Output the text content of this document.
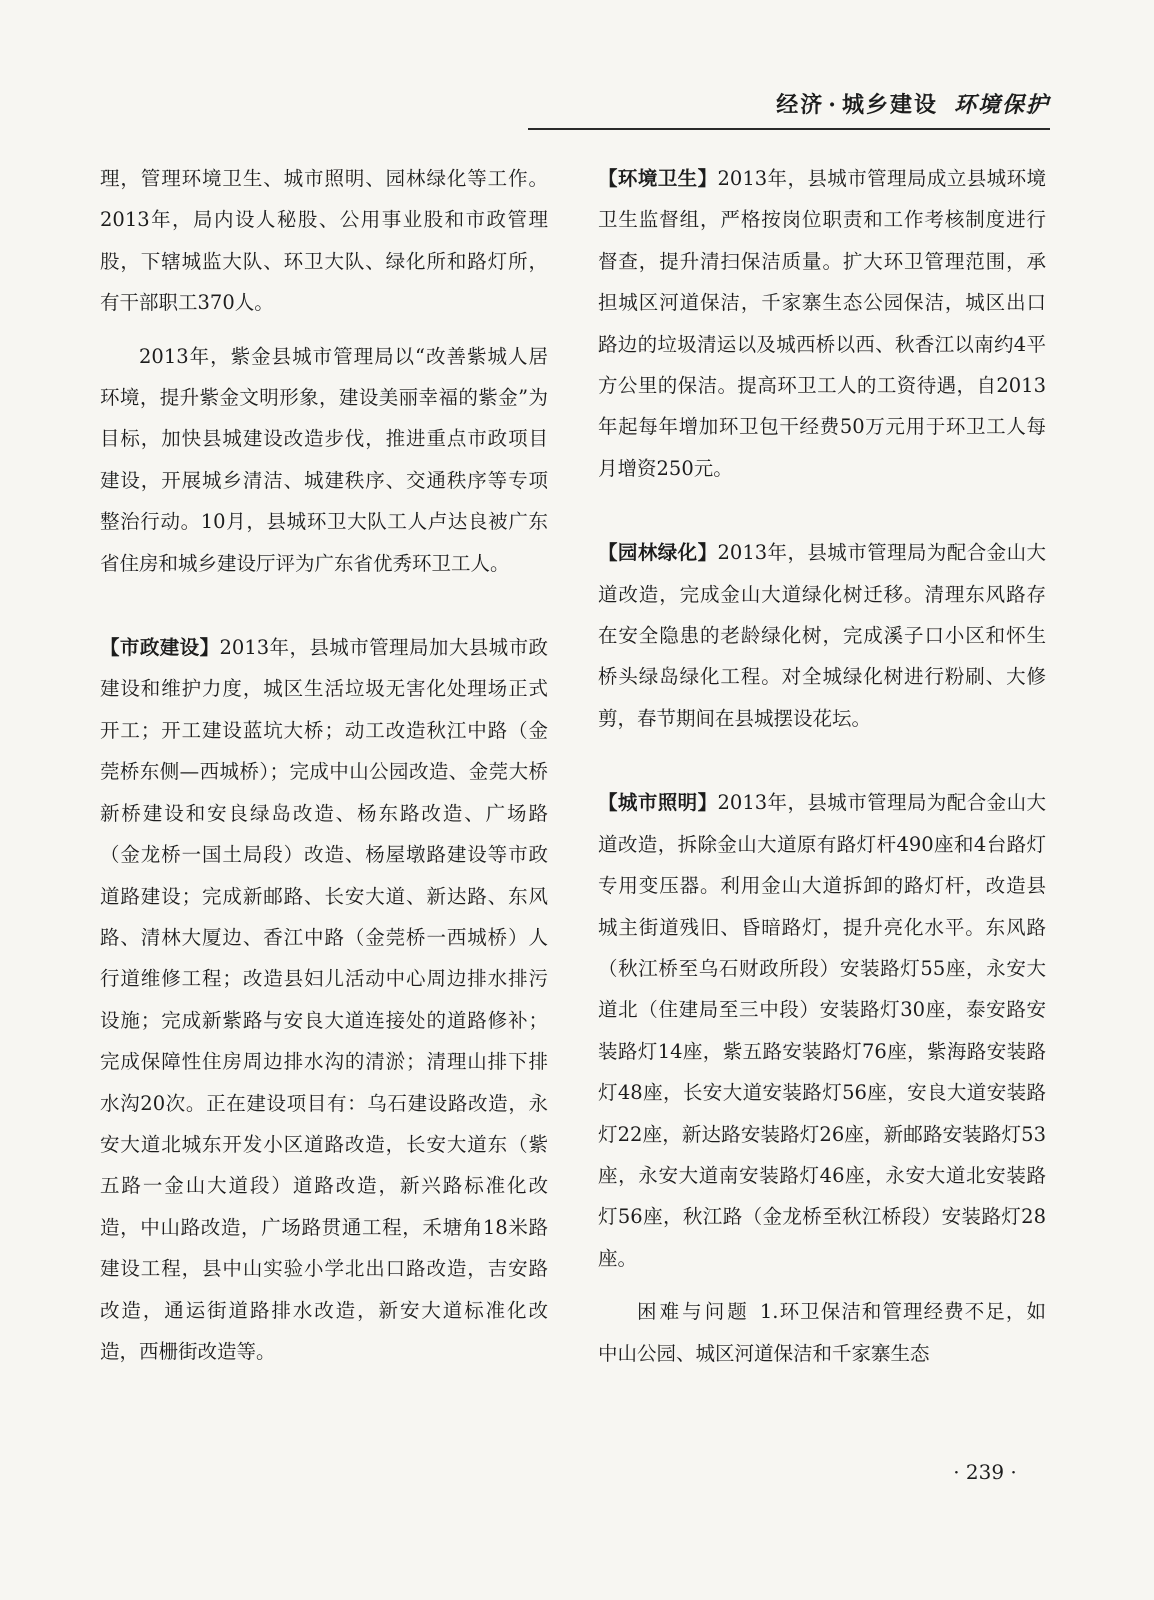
经济 · 城乡建设 环境保护

理，管理环境卫生、城市照明、园林绿化等工作。2013年，局内设人秘股、公用事业股和市政管理股，下辖城监大队、环卫大队、绿化所和路灯所，有干部职工370人。

2013年，紫金县城市管理局以“改善紫城人居环境，提升紫金文明形象，建设美丽幸福的紫金”为目标，加快县城建设改造步伐，推进重点市政项目建设，开展城乡清洁、城建秩序、交通秩序等专项整治行动。10月，县城环卫大队工人卢达良被广东省住房和城乡建设厅评为广东省优秀环卫工人。

【市政建设】2013年，县城市管理局加大县城市政建设和维护力度，城区生活垃圾无害化处理场正式开工；开工建设蓝坑大桥；动工改造秋江中路（金莞桥东侧—西城桥）；完成中山公园改造、金莞大桥新桥建设和安良绿岛改造、杨东路改造、广场路（金龙桥一国土局段）改造、杨屋墩路建设等市政道路建设；完成新邮路、长安大道、新达路、东风路、清林大厦边、香江中路（金莞桥一西城桥）人行道维修工程；改造县妇儿活动中心周边排水排污设施；完成新紫路与安良大道连接处的道路修补；完成保障性住房周边排水沟的清淤；清理山排下排水沟20次。正在建设项目有：乌石建设路改造，永安大道北城东开发小区道路改造，长安大道东（紫五路一金山大道段）道路改造，新兴路标准化改造，中山路改造，广场路贯通工程，禾塘角18米路建设工程，县中山实验小学北出口路改造，吉安路改造，通运街道路排水改造，新安大道标准化改造，西栅街改造等。

【环境卫生】2013年，县城市管理局成立县城环境卫生监督组，严格按岗位职责和工作考核制度进行督查，提升清扫保洁质量。扩大环卫管理范围，承担城区河道保洁，千家寨生态公园保洁，城区出口路边的垃圾清运以及城西桥以西、秋香江以南约4平方公里的保洁。提高环卫工人的工资待遇，自2013年起每年增加环卫包干经费50万元用于环卫工人每月增资250元。

【园林绿化】2013年，县城市管理局为配合金山大道改造，完成金山大道绿化树迁移。清理东风路存在安全隐患的老龄绿化树，完成溪子口小区和怀生桥头绿岛绿化工程。对全城绿化树进行粉刷、大修剪，春节期间在县城摆设花坛。

【城市照明】2013年，县城市管理局为配合金山大道改造，拆除金山大道原有路灯杆490座和4台路灯专用变压器。利用金山大道拆卸的路灯杆，改造县城主街道残旧、昏暗路灯，提升亮化水平。东风路（秋江桥至乌石财政所段）安装路灯55座，永安大道北（住建局至三中段）安装路灯30座，泰安路安装路灯14座，紫五路安装路灯76座，紫海路安装路灯48座，长安大道安装路灯56座，安良大道安装路灯22座，新达路安装路灯26座，新邮路安装路灯53座，永安大道南安装路灯46座，永安大道北安装路灯56座，秋江路（金龙桥至秋江桥段）安装路灯28座。

困难与问题 1.环卫保洁和管理经费不足，如中山公园、城区河道保洁和千家寨生态

· 239 ·
